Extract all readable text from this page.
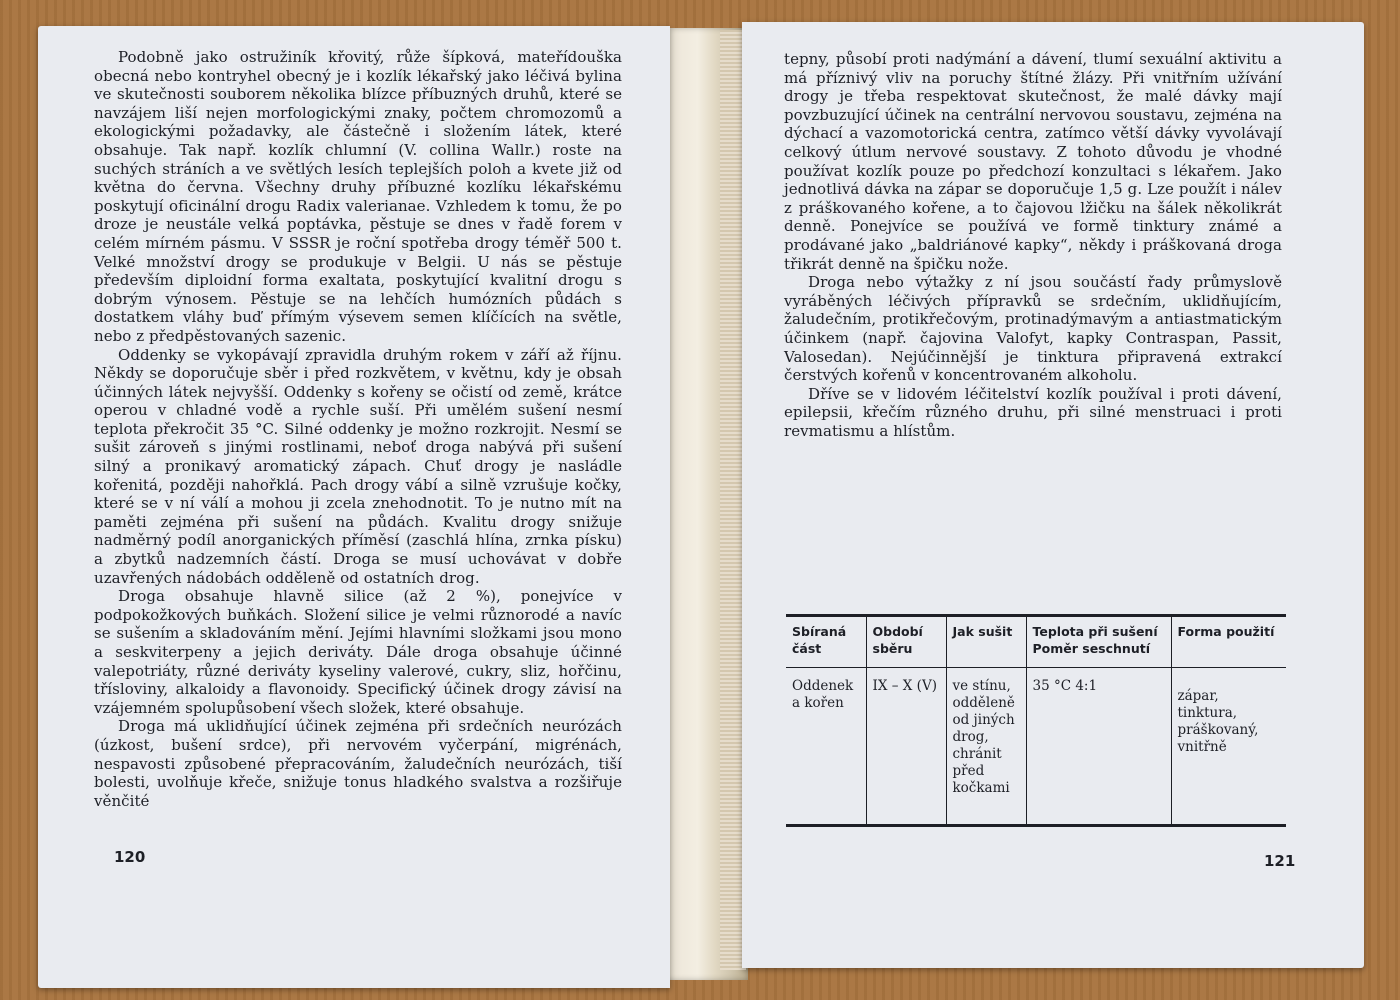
Podobně jako ostružiník křovitý, růže šípková, mateřídouška obecná nebo kontryhel obecný je i kozlík lékařský jako léčivá bylina ve skutečnosti souborem několika blízce příbuzných druhů, které se navzájem liší nejen morfologickými znaky, počtem chromozomů a ekologickými požadavky, ale částečně i složením látek, které obsahuje. Tak např. kozlík chlumní (V. collina Wallr.) roste na suchých stráních a ve světlých lesích teplejších poloh a kvete již od května do června. Všechny druhy příbuzné kozlíku lékařskému poskytují oficinální drogu Radix valerianae. Vzhledem k tomu, že po droze je neustále velká poptávka, pěstuje se dnes v řadě forem v celém mírném pásmu. V SSSR je roční spotřeba drogy téměř 500 t. Velké množství drogy se produkuje v Belgii. U nás se pěstuje především diploidní forma exaltata, poskytující kvalitní drogu s dobrým výnosem. Pěstuje se na lehčích humózních půdách s dostatkem vláhy buď přímým výsevem semen klíčících na světle, nebo z předpěstovaných sazenic.

Oddenky se vykopávají zpravidla druhým rokem v září až říjnu. Někdy se doporučuje sběr i před rozkvětem, v květnu, kdy je obsah účinných látek nejvyšší. Oddenky s kořeny se očistí od země, krátce operou v chladné vodě a rychle suší. Při umělém sušení nesmí teplota překročit 35 °C. Silné oddenky je možno rozkrojit. Nesmí se sušit zároveň s jinými rostlinami, neboť droga nabývá při sušení silný a pronikavý aromatický zápach. Chuť drogy je nasládle kořenitá, později nahořklá. Pach drogy vábí a silně vzrušuje kočky, které se v ní válí a mohou ji zcela znehodnotit. To je nutno mít na paměti zejména při sušení na půdách. Kvalitu drogy snižuje nadměrný podíl anorganických příměsí (zaschlá hlína, zrnka písku) a zbytků nadzemních částí. Droga se musí uchovávat v dobře uzavřených nádobách odděleně od ostatních drog.

Droga obsahuje hlavně silice (až 2 %), ponejvíce v podpokožkových buňkách. Složení silice je velmi různorodé a navíc se sušením a skladováním mění. Jejími hlavními složkami jsou mono a seskviterpeny a jejich deriváty. Dále droga obsahuje účinné valepotriáty, různé deriváty kyseliny valerové, cukry, sliz, hořčinu, třísloviny, alkaloidy a flavonoidy. Specifický účinek drogy závisí na vzájemném spolupůsobení všech složek, které obsahuje.

Droga má uklidňující účinek zejména při srdečních neurózách (úzkost, bušení srdce), při nervovém vyčerpání, migrénách, nespavosti způsobené přepracováním, žaludečních neurózách, tiší bolesti, uvolňuje křeče, snižuje tonus hladkého svalstva a rozšiřuje věnčité

120

tepny, působí proti nadýmání a dávení, tlumí sexuální aktivitu a má příznivý vliv na poruchy štítné žlázy. Při vnitřním užívání drogy je třeba respektovat skutečnost, že malé dávky mají povzbuzující účinek na centrální nervovou soustavu, zejména na dýchací a vazomotorická centra, zatímco větší dávky vyvolávají celkový útlum nervové soustavy. Z tohoto důvodu je vhodné používat kozlík pouze po předchozí konzultaci s lékařem. Jako jednotlivá dávka na zápar se doporučuje 1,5 g. Lze použít i nálev z práškovaného kořene, a to čajovou lžičku na šálek několikrát denně. Ponejvíce se používá ve formě tinktury známé a prodávané jako „baldriánové kapky“, někdy i práškovaná droga třikrát denně na špičku nože.

Droga nebo výtažky z ní jsou součástí řady průmyslově vyráběných léčivých přípravků se srdečním, uklidňujícím, žaludečním, protikřečovým, protinadýmavým a antiastmatickým účinkem (např. čajovina Valofyt, kapky Contraspan, Passit, Valosedan). Nejúčinnější je tinktura připravená extrakcí čerstvých kořenů v koncentrovaném alkoholu.

Dříve se v lidovém léčitelství kozlík používal i proti dávení, epilepsii, křečím různého druhu, při silné menstruaci i proti revmatismu a hlístům.

Sbíraná část	Období sběru	Jak sušit	Teplota při sušení Poměr seschnutí	Forma použití
Oddenek a kořen	IX – X (V)	ve stínu, odděleně od jiných drog, chránit před kočkami	35 °C 4:1	zápar, tinktura, práškovaný, vnitřně
121
